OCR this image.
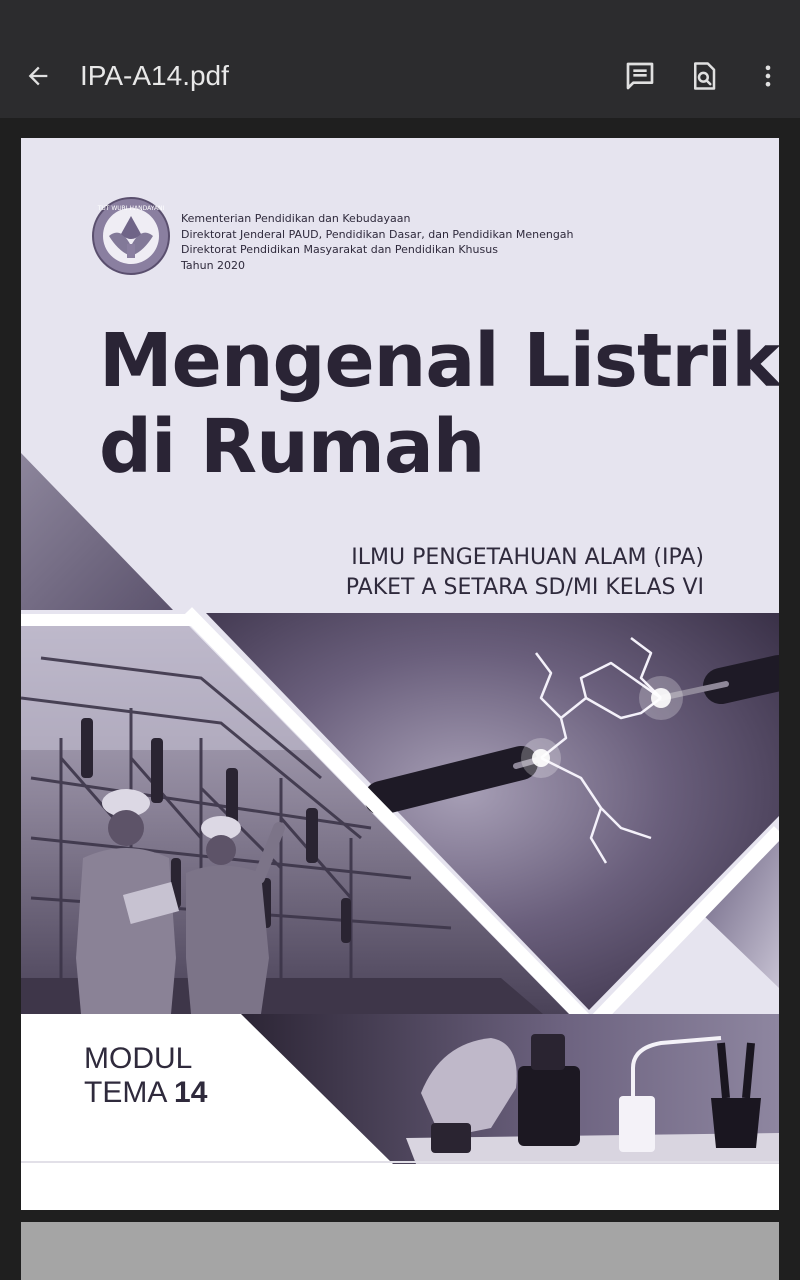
IPA-A14.pdf
TUT WURI HANDAYANI
Kementerian Pendidikan dan Kebudayaan
Direktorat Jenderal PAUD, Pendidikan Dasar, dan Pendidikan Menengah
Direktorat Pendidikan Masyarakat dan Pendidikan Khusus
Tahun 2020
Mengenal Listrik
di Rumah
ILMU PENGETAHUAN ALAM (IPA)
PAKET A SETARA SD/MI KELAS VI
MODUL
TEMA 14
